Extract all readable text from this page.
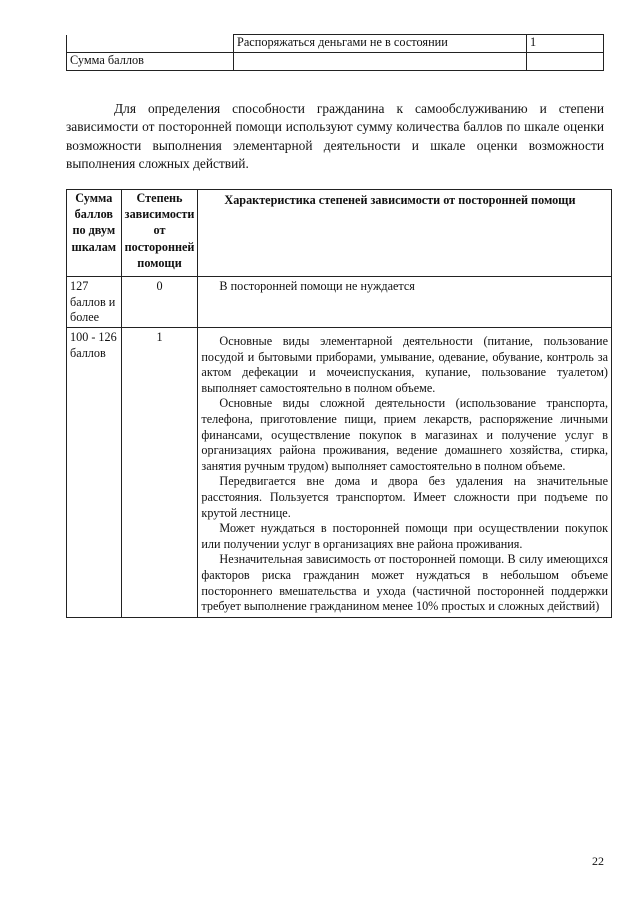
	Распоряжаться деньгами не в состоянии	1
Сумма баллов		

Для определения способности гражданина к самообслуживанию и степени зависимости от посторонней помощи используют сумму количества баллов по шкале оценки возможности выполнения элементарной деятельности и шкале оценки возможности выполнения сложных действий.

Сумма баллов по двум шкалам	Степень зависимости от посторонней помощи	Характеристика степеней зависимости от посторонней помощи
127 баллов и более	0	В посторонней помощи не нуждается

100 - 126 баллов	1	Основные виды элементарной деятельности (питание, пользование посудой и бытовыми приборами, умывание, одевание, обувание, контроль за актом дефекации и мочеиспускания, купание, пользование туалетом) выполняет самостоятельно в полном объеме.

Основные виды сложной деятельности (использование транспорта, телефона, приготовление пищи, прием лекарств, распоряжение личными финансами, осуществление покупок в магазинах и получение услуг в организациях района проживания, ведение домашнего хозяйства, стирка, занятия ручным трудом) выполняет самостоятельно в полном объеме.

Передвигается вне дома и двора без удаления на значительные расстояния. Пользуется транспортом. Имеет сложности при подъеме по крутой лестнице.

Может нуждаться в посторонней помощи при осуществлении покупок или получении услуг в организациях вне района проживания.

Незначительная зависимость от посторонней помощи. В силу имеющихся факторов риска гражданин может нуждаться в небольшом объеме постороннего вмешательства и ухода (частичной посторонней поддержки требует выполнение гражданином менее 10% простых и сложных действий)

22
